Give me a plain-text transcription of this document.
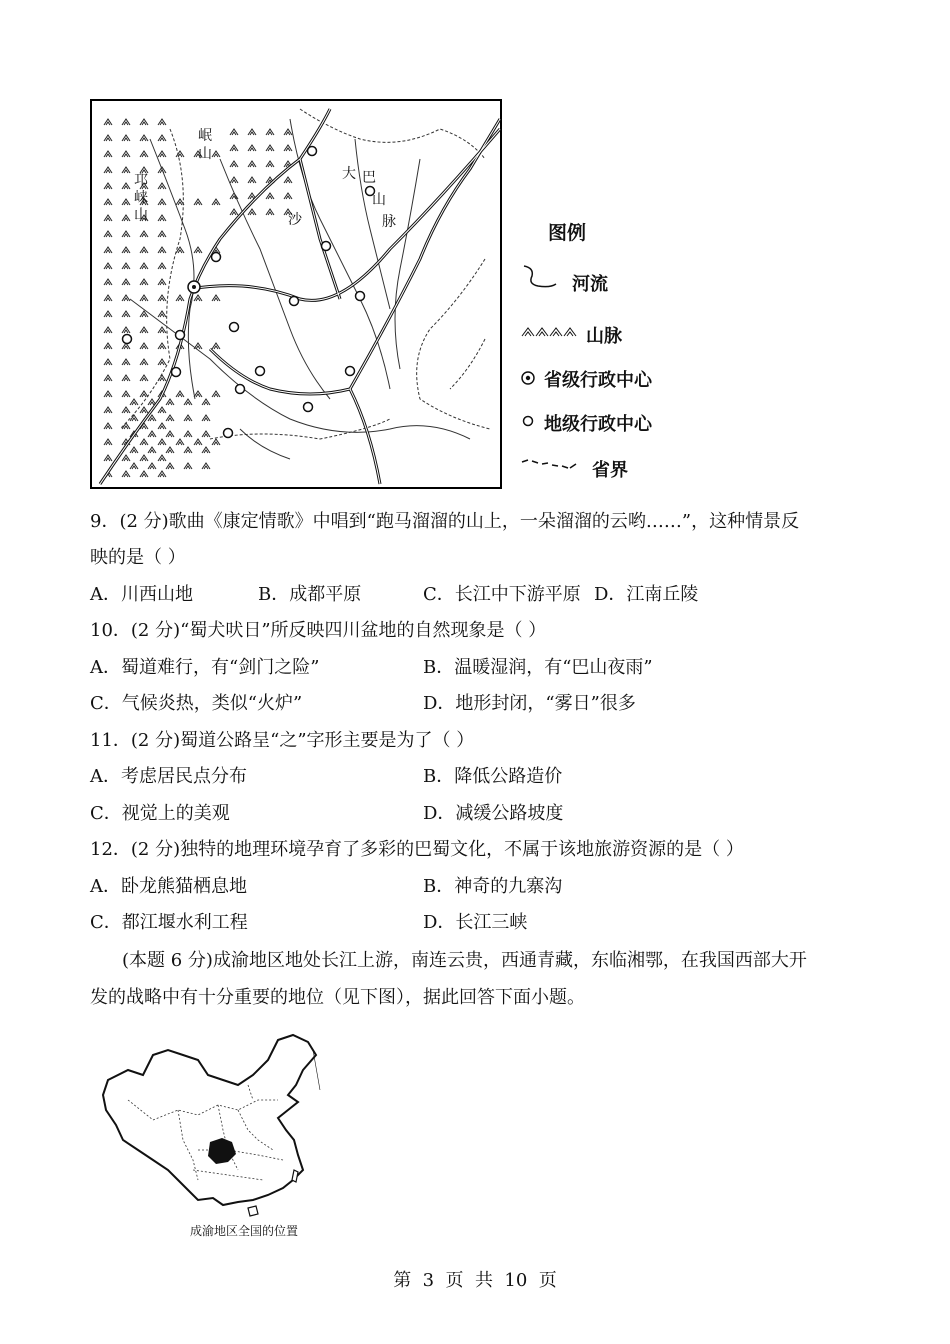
岷
山
邛
崃
山
大 巴
山
脉
沙
图例
河流
山脉
省级行政中心
地级行政中心
省界
9．(2 分)歌曲《康定情歌》中唱到“跑马溜溜的山上，一朵溜溜的云哟……”，这种情景反
映的是（ ）
A．川西山地	B．成都平原	C．长江中下游平原 D．江南丘陵
10．(2 分)“蜀犬吠日”所反映四川盆地的自然现象是（ ）
A．蜀道难行，有“剑门之险”	B．温暖湿润，有“巴山夜雨”
C．气候炎热，类似“火炉”	D．地形封闭，“雾日”很多
11．(2 分)蜀道公路呈“之”字形主要是为了（ ）
A．考虑居民点分布	B．降低公路造价
C．视觉上的美观	D．减缓公路坡度
12．(2 分)独特的地理环境孕育了多彩的巴蜀文化，不属于该地旅游资源的是（ ）
A．卧龙熊猫栖息地	B．神奇的九寨沟
C．都江堰水利工程	D．长江三峡
(本题 6 分)成渝地区地处长江上游，南连云贵，西通青藏，东临湘鄂，在我国西部大开
发的战略中有十分重要的地位（见下图），据此回答下面小题。
成渝地区全国的位置
第  3  页  共  10  页
